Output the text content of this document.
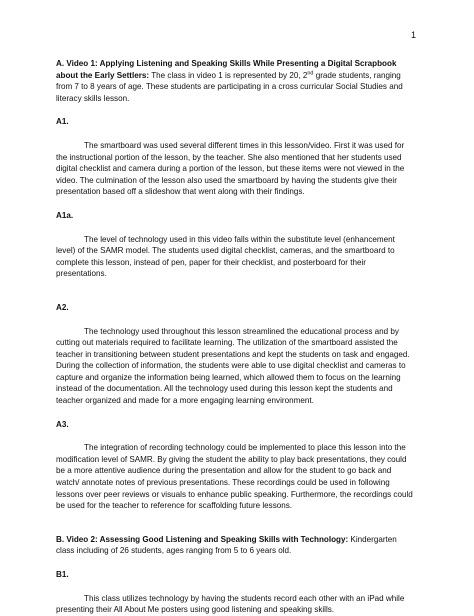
1

A. Video 1: Applying Listening and Speaking Skills While Presenting a Digital Scrapbook about the Early Settlers: The class in video 1 is represented by 20, 2nd grade students, ranging from 7 to 8 years of age. These students are participating in a cross curricular Social Studies and literacy skills lesson.

A1.

The smartboard was used several different times in this lesson/video. First it was used for the instructional portion of the lesson, by the teacher. She also mentioned that her students used digital checklist and camera during a portion of the lesson, but these items were not viewed in the video. The culmination of the lesson also used the smartboard by having the students give their presentation based off a slideshow that went along with their findings.

A1a.

The level of technology used in this video falls within the substitute level (enhancement level) of the SAMR model. The students used digital checklist, cameras, and the smartboard to complete this lesson, instead of pen, paper for their checklist, and posterboard for their presentations.

A2.

The technology used throughout this lesson streamlined the educational process and by cutting out materials required to facilitate learning. The utilization of the smartboard assisted the teacher in transitioning between student presentations and kept the students on task and engaged. During the collection of information, the students were able to use digital checklist and cameras to capture and organize the information being learned, which allowed them to focus on the learning instead of the documentation. All the technology used during this lesson kept the students and teacher organized and made for a more engaging learning environment.

A3.

The integration of recording technology could be implemented to place this lesson into the modification level of SAMR. By giving the student the ability to play back presentations, they could be a more attentive audience during the presentation and allow for the student to go back and watch/ annotate notes of previous presentations. These recordings could be used in following lessons over peer reviews or visuals to enhance public speaking. Furthermore, the recordings could be used for the teacher to reference for scaffolding future lessons.

B. Video 2: Assessing Good Listening and Speaking Skills with Technology: Kindergarten class including of 26 students, ages ranging from 5 to 6 years old.

B1.

This class utilizes technology by having the students record each other with an iPad while presenting their All About Me posters using good listening and speaking skills.
